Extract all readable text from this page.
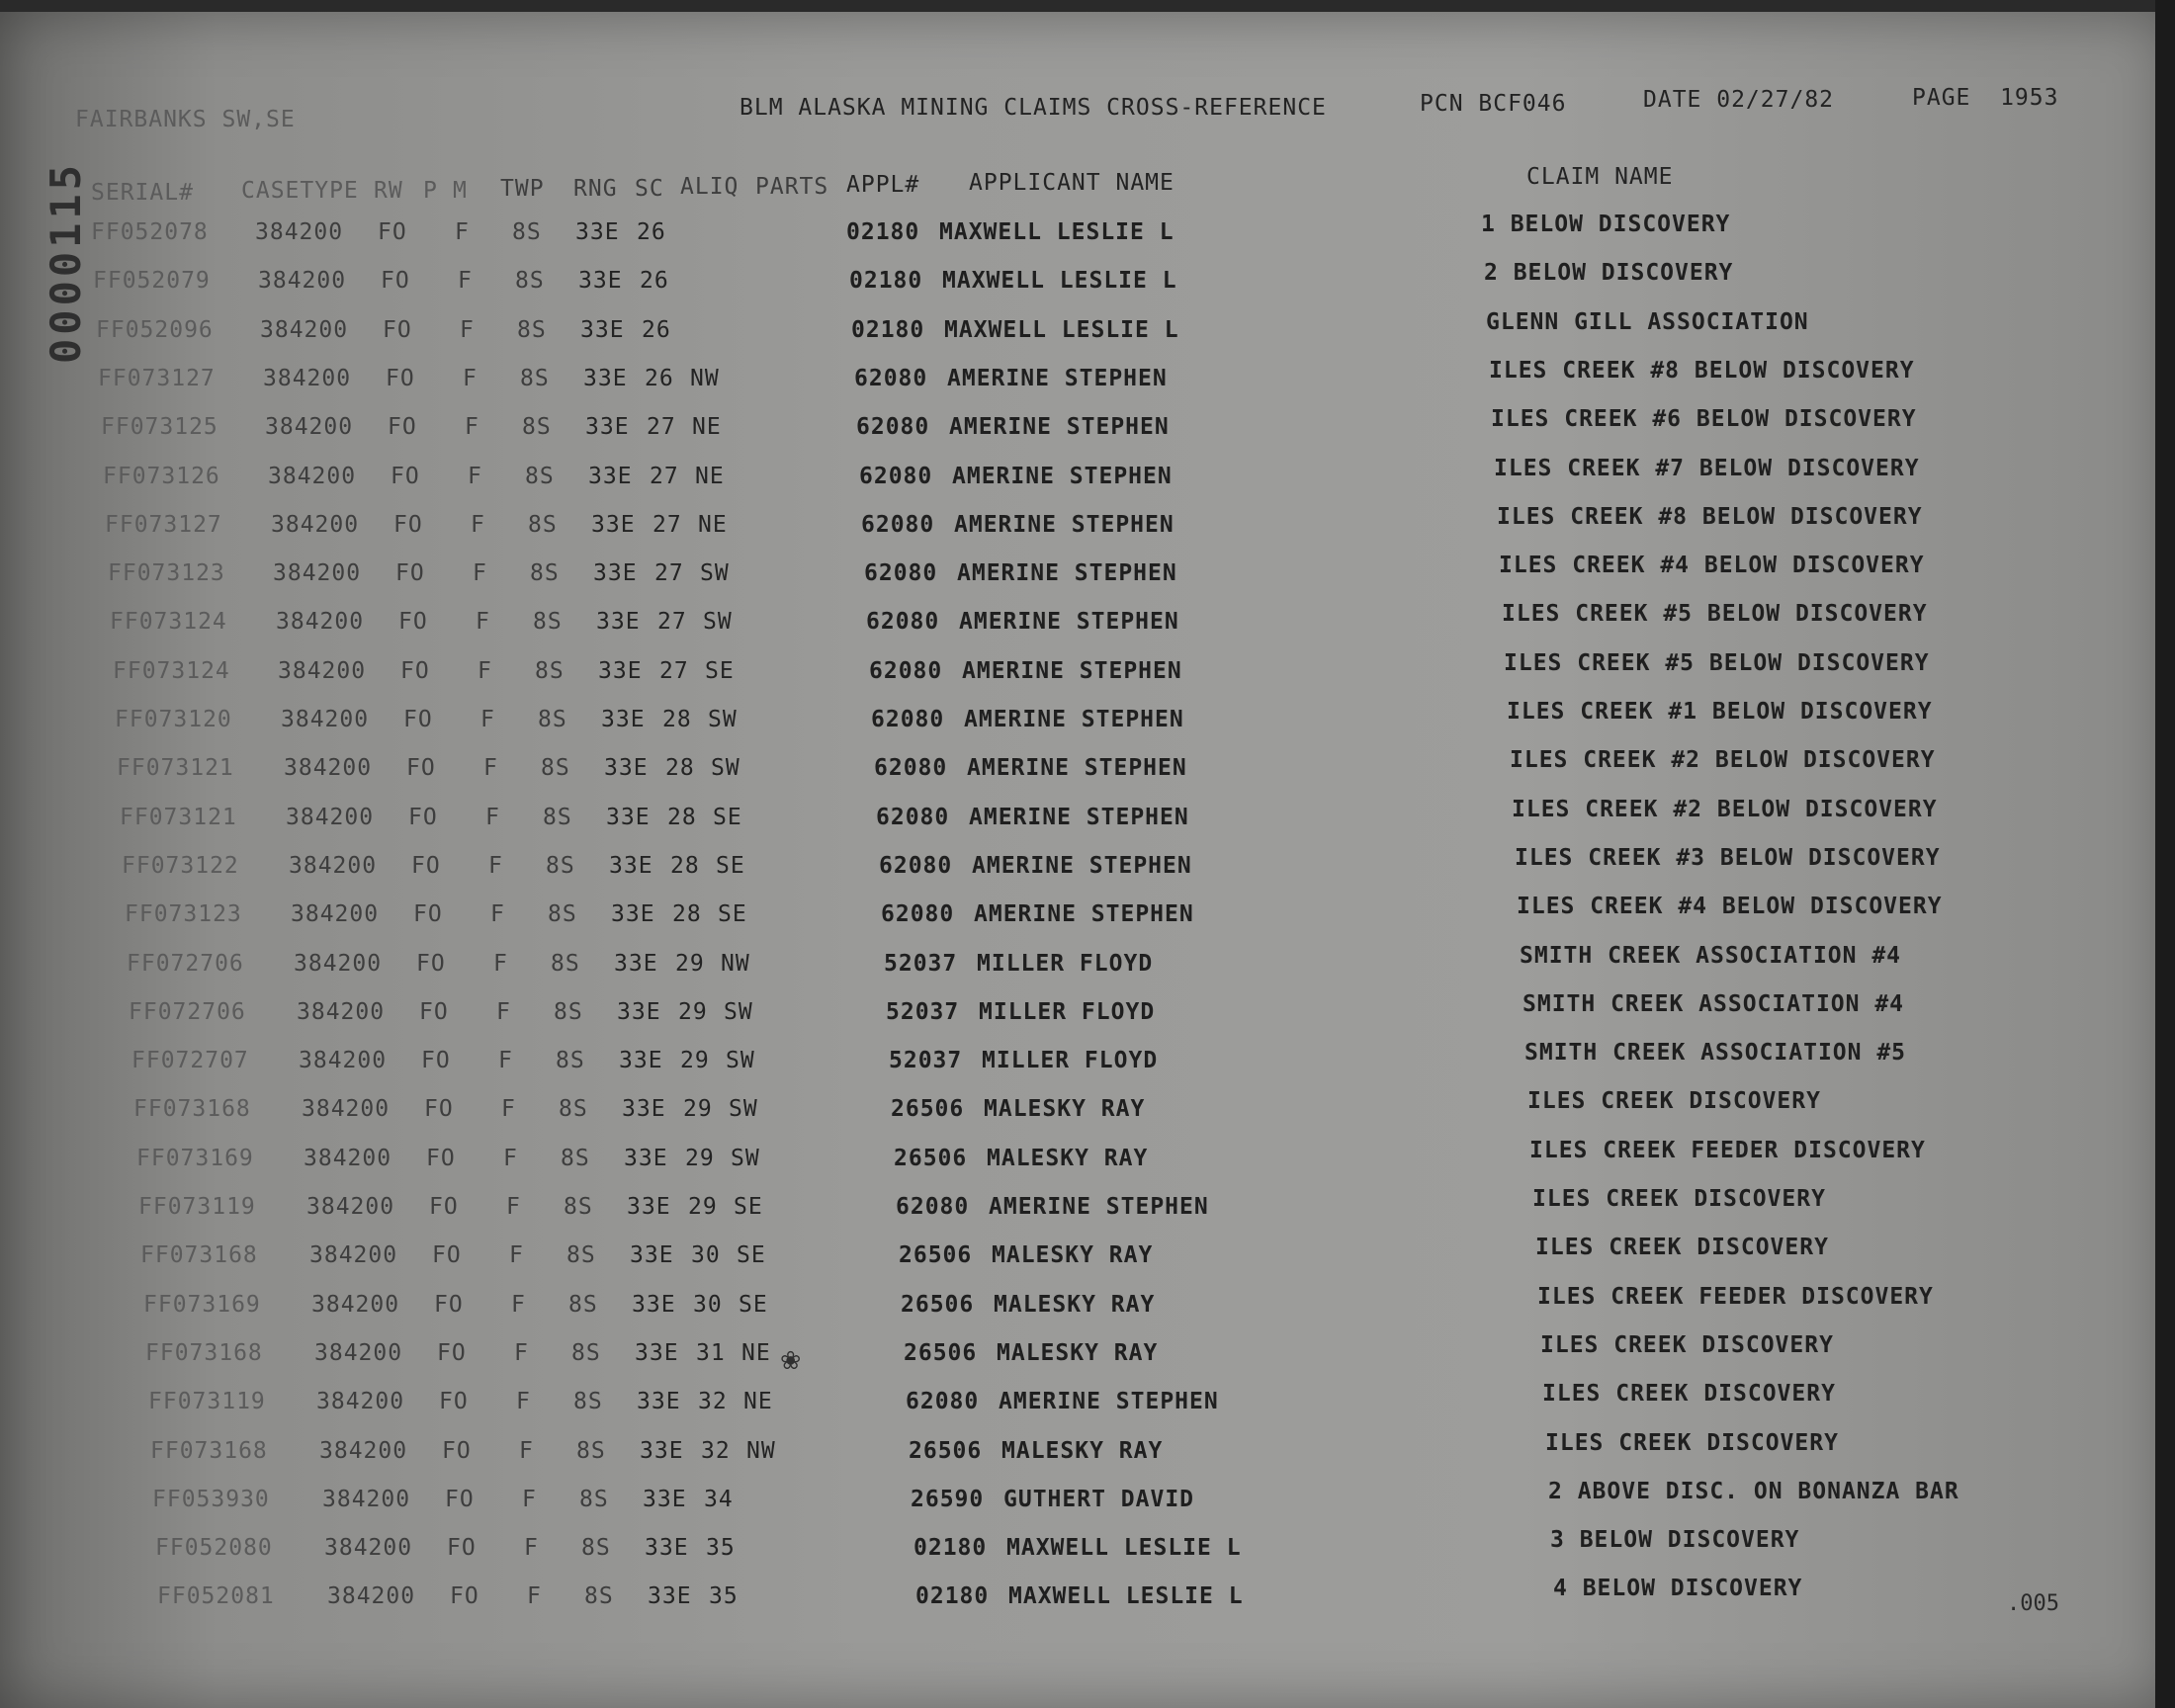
FAIRBANKS SW,SE	BLM ALASKA MINING CLAIMS CROSS-REFERENCE	PCN BCF046	DATE 02/27/82	PAGE  1953
SERIAL# CASETYPE RW P M TWP RNG SC ALIQ PARTS APPL# APPLICANT NAME	CLAIM NAME
FF052078 384200 FO F 8S 33E 26	02180 MAXWELL LESLIE L	1 BELOW DISCOVERY
FF052079 384200 FO F 8S 33E 26	02180 MAXWELL LESLIE L	2 BELOW DISCOVERY
FF052096 384200 FO F 8S 33E 26	02180 MAXWELL LESLIE L	GLENN GILL ASSOCIATION
FF073127 384200 FO F 8S 33E 26 NW	62080 AMERINE STEPHEN	ILES CREEK #8 BELOW DISCOVERY
FF073125 384200 FO F 8S 33E 27 NE	62080 AMERINE STEPHEN	ILES CREEK #6 BELOW DISCOVERY
FF073126 384200 FO F 8S 33E 27 NE	62080 AMERINE STEPHEN	ILES CREEK #7 BELOW DISCOVERY
FF073127 384200 FO F 8S 33E 27 NE	62080 AMERINE STEPHEN	ILES CREEK #8 BELOW DISCOVERY
FF073123 384200 FO F 8S 33E 27 SW	62080 AMERINE STEPHEN	ILES CREEK #4 BELOW DISCOVERY
FF073124 384200 FO F 8S 33E 27 SW	62080 AMERINE STEPHEN	ILES CREEK #5 BELOW DISCOVERY
FF073124 384200 FO F 8S 33E 27 SE	62080 AMERINE STEPHEN	ILES CREEK #5 BELOW DISCOVERY
FF073120 384200 FO F 8S 33E 28 SW	62080 AMERINE STEPHEN	ILES CREEK #1 BELOW DISCOVERY
FF073121 384200 FO F 8S 33E 28 SW	62080 AMERINE STEPHEN	ILES CREEK #2 BELOW DISCOVERY
FF073121 384200 FO F 8S 33E 28 SE	62080 AMERINE STEPHEN	ILES CREEK #2 BELOW DISCOVERY
FF073122 384200 FO F 8S 33E 28 SE	62080 AMERINE STEPHEN	ILES CREEK #3 BELOW DISCOVERY
FF073123 384200 FO F 8S 33E 28 SE	62080 AMERINE STEPHEN	ILES CREEK #4 BELOW DISCOVERY
FF072706 384200 FO F 8S 33E 29 NW	52037 MILLER FLOYD	SMITH CREEK ASSOCIATION #4
FF072706 384200 FO F 8S 33E 29 SW	52037 MILLER FLOYD	SMITH CREEK ASSOCIATION #4
FF072707 384200 FO F 8S 33E 29 SW	52037 MILLER FLOYD	SMITH CREEK ASSOCIATION #5
FF073168 384200 FO F 8S 33E 29 SW	26506 MALESKY RAY	ILES CREEK DISCOVERY
FF073169 384200 FO F 8S 33E 29 SW	26506 MALESKY RAY	ILES CREEK FEEDER DISCOVERY
FF073119 384200 FO F 8S 33E 29 SE	62080 AMERINE STEPHEN	ILES CREEK DISCOVERY
FF073168 384200 FO F 8S 33E 30 SE	26506 MALESKY RAY	ILES CREEK DISCOVERY
FF073169 384200 FO F 8S 33E 30 SE	26506 MALESKY RAY	ILES CREEK FEEDER DISCOVERY
FF073168 384200 FO F 8S 33E 31 NE	26506 MALESKY RAY	ILES CREEK DISCOVERY
FF073119 384200 FO F 8S 33E 32 NE	62080 AMERINE STEPHEN	ILES CREEK DISCOVERY
FF073168 384200 FO F 8S 33E 32 NW	26506 MALESKY RAY	ILES CREEK DISCOVERY
FF053930 384200 FO F 8S 33E 34	26590 GUTHERT DAVID	2 ABOVE DISC. ON BONANZA BAR
FF052080 384200 FO F 8S 33E 35	02180 MAXWELL LESLIE L	3 BELOW DISCOVERY
FF052081 384200 FO F 8S 33E 35	02180 MAXWELL LESLIE L	4 BELOW DISCOVERY
0000115
.005
❀
